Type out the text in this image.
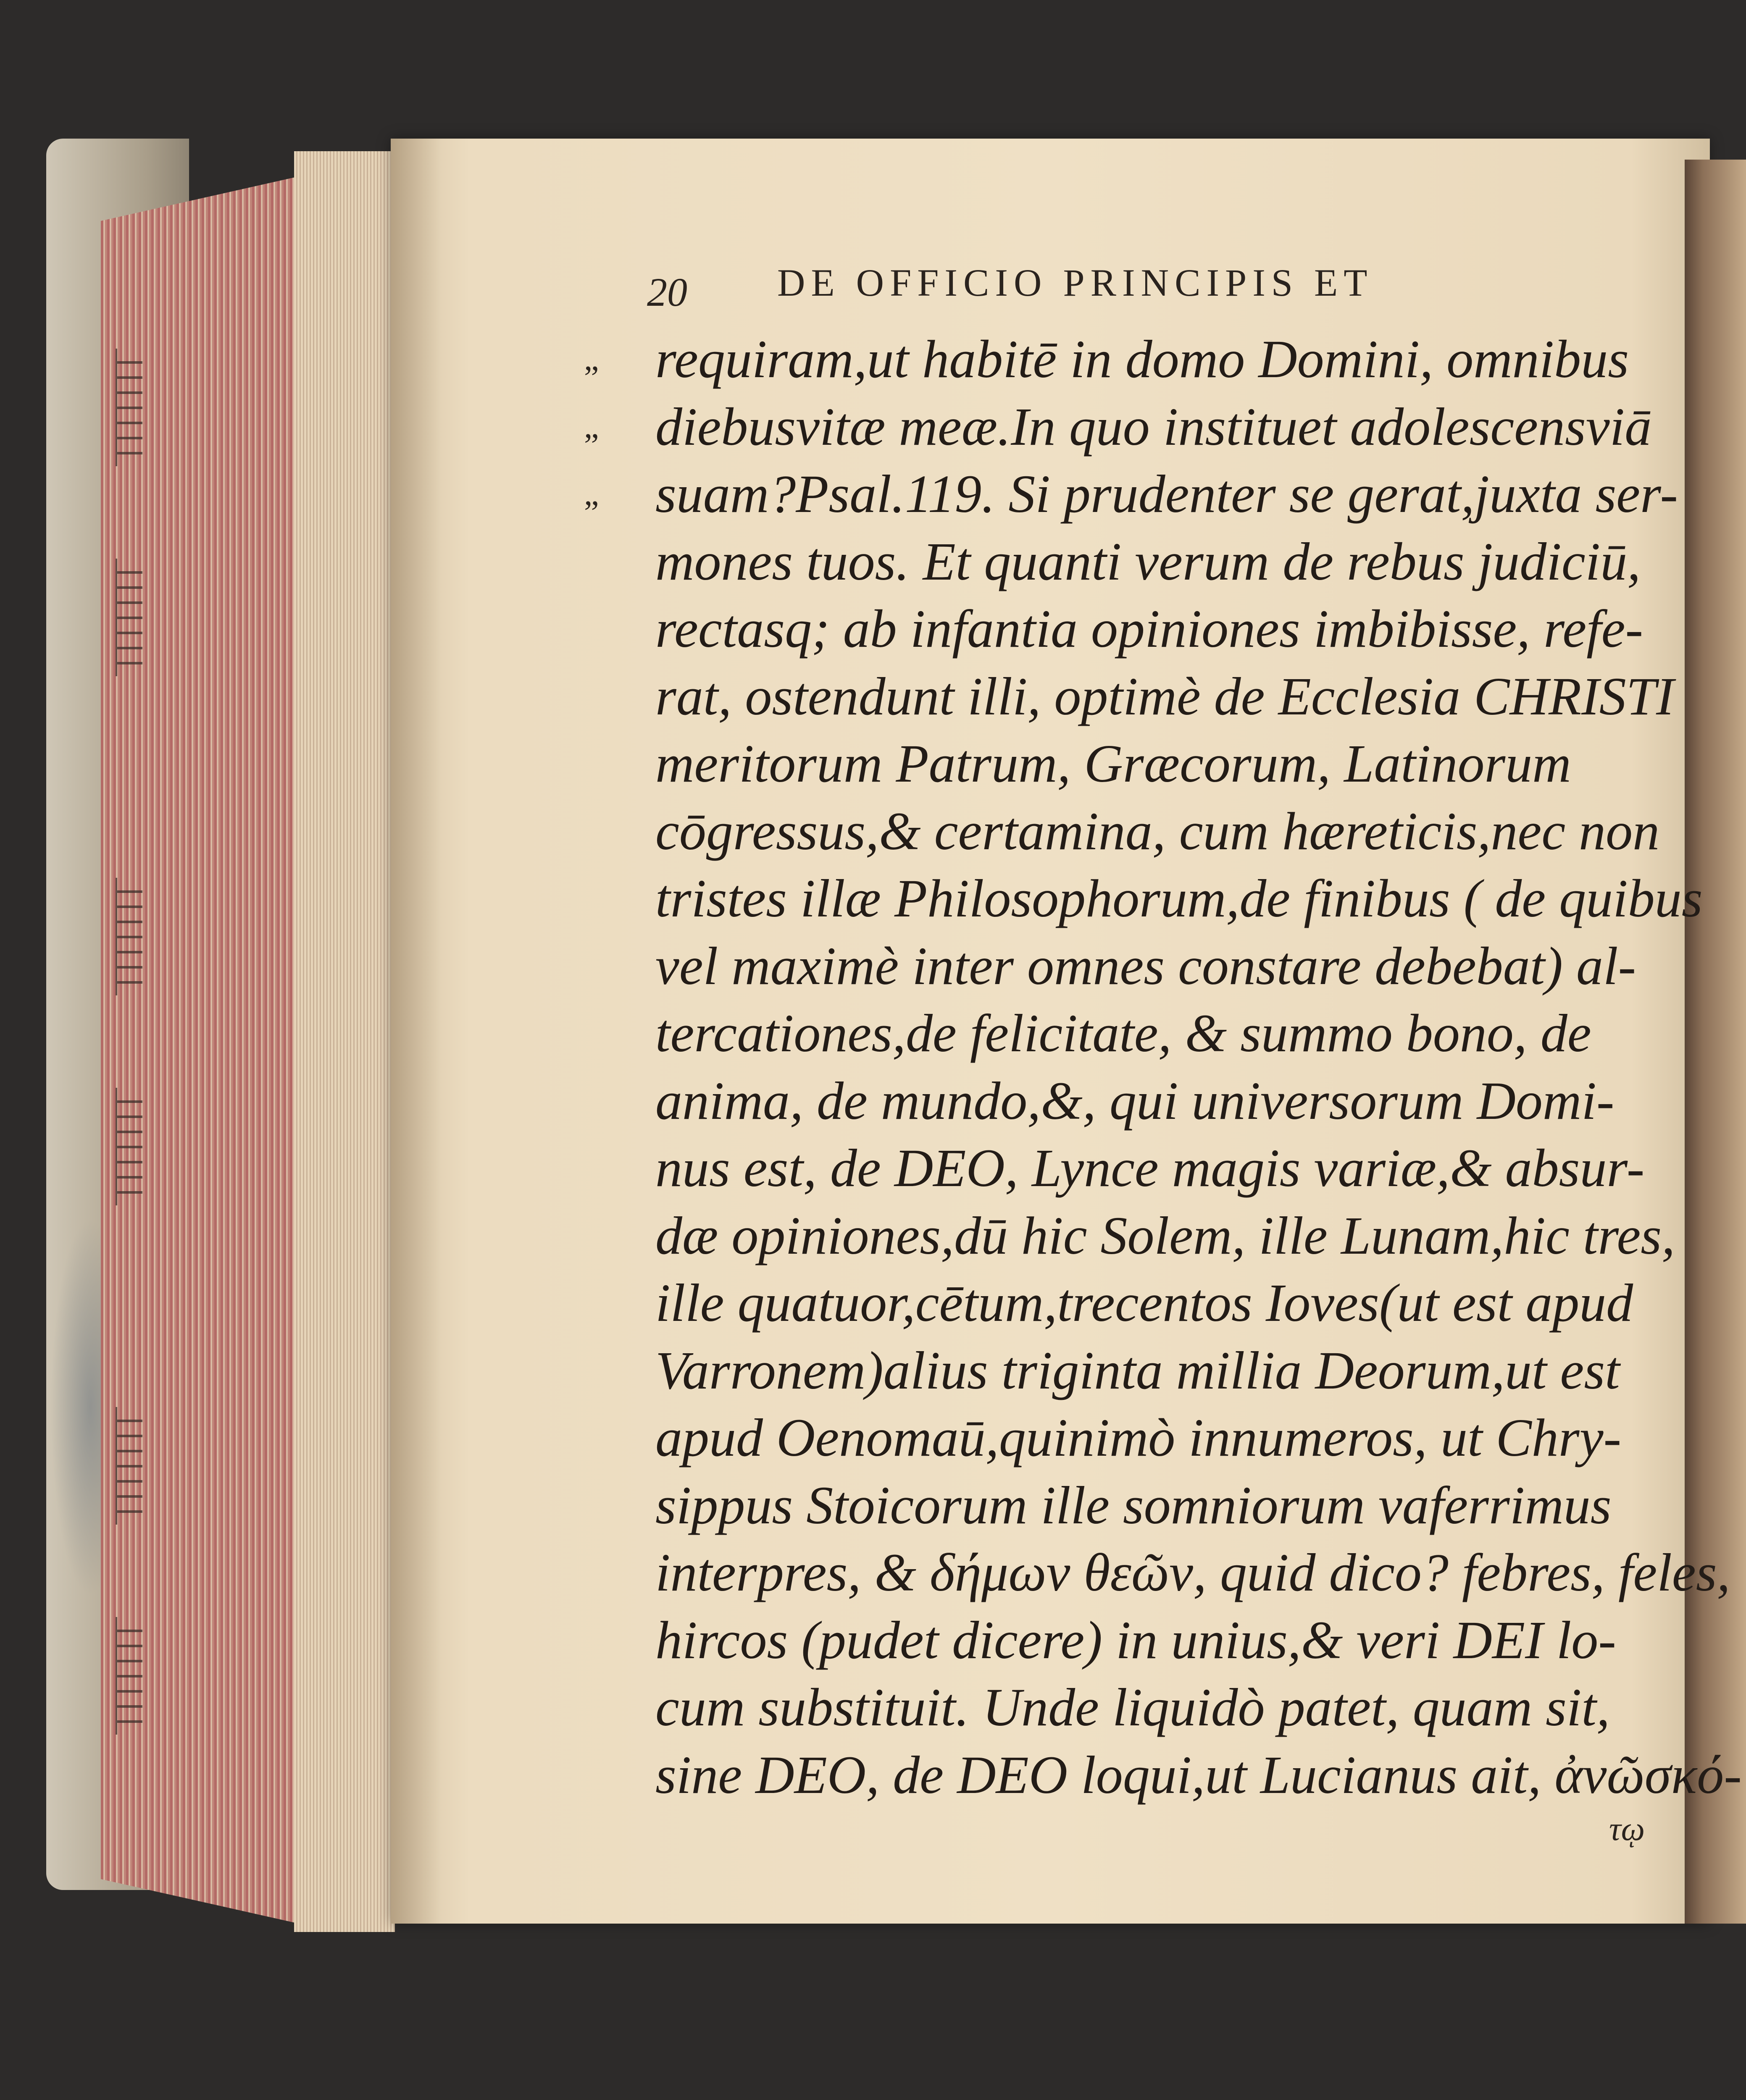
20 DE OFFICIO PRINCIPIS ET
„ requiram,ut habitē in domo Domini, omnibus
„ diebusvitæ meæ.In quo instituet adolescensviā
„ suam?Psal.119. Si prudenter se gerat,juxta ser-
mones tuos. Et quanti verum de rebus judiciū,
rectasq; ab infantia opiniones imbibisse, refe-
rat, ostendunt illi, optimè de Ecclesia CHRISTI
meritorum Patrum, Græcorum, Latinorum
cōgressus,& certamina, cum hæreticis,nec non
tristes illæ Philosophorum,de finibus ( de quibus
vel maximè inter omnes constare debebat) al-
tercationes,de felicitate, & summo bono, de
anima, de mundo,&, qui universorum Domi-
nus est, de DEO, Lynce magis variæ,& absur-
dæ opiniones,dū hic Solem, ille Lunam,hic tres,
ille quatuor,cētum,trecentos Ioves(ut est apud
Varronem)alius triginta millia Deorum,ut est
apud Oenomaū,quinimò innumeros, ut Chry-
sippus Stoicorum ille somniorum vaferrimus
interpres, & δήμων θεῶν, quid dico? febres, feles,
hircos (pudet dicere) in unius,& veri DEI lo-
cum substituit. Unde liquidò patet, quam sit,
sine DEO, de DEO loqui,ut Lucianus ait, ἀνῶσκό-
τῳ
